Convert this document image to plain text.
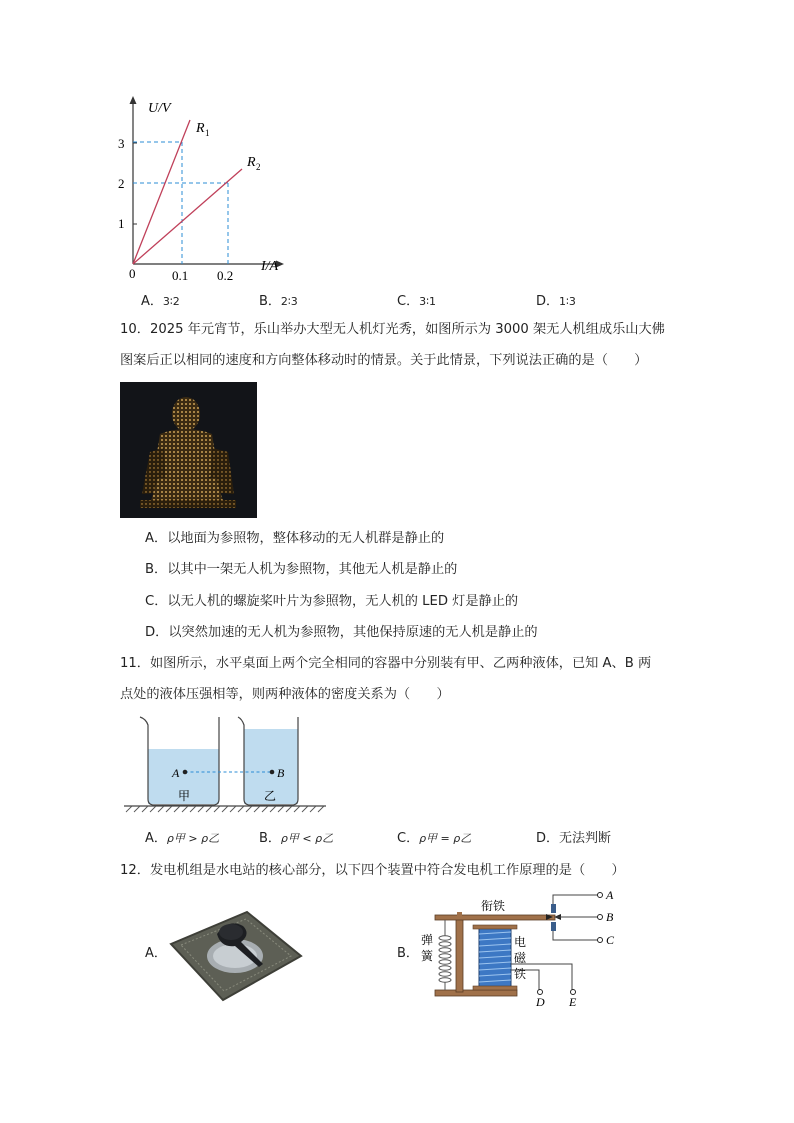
U/V
I/A
0
1
2
3
0.1 0.2
R 1
R 2
A．3∶2	B．2∶3	C．3∶1	D．1∶3
10．2025 年元宵节，乐山举办大型无人机灯光秀，如图所示为 3000 架无人机组成乐山大佛
图案后正以相同的速度和方向整体移动时的情景。关于此情景，下列说法正确的是（　　）
A．以地面为参照物，整体移动的无人机群是静止的
B．以其中一架无人机为参照物，其他无人机是静止的
C．以无人机的螺旋桨叶片为参照物，无人机的 LED 灯是静止的
D．以突然加速的无人机为参照物，其他保持原速的无人机是静止的
11．如图所示，水平桌面上两个完全相同的容器中分别装有甲、乙两种液体，已知 A、B 两
点处的液体压强相等，则两种液体的密度关系为（　　）
A	B
甲	乙
A．ρ甲 > ρ乙	B．ρ甲 < ρ乙	C．ρ甲 = ρ乙	D．无法判断
12．发电机组是水电站的核心部分，以下四个装置中符合发电机工作原理的是（　　）
A．	B．
衔铁
弹
簧
电
磁
铁
A
B
C
D E
